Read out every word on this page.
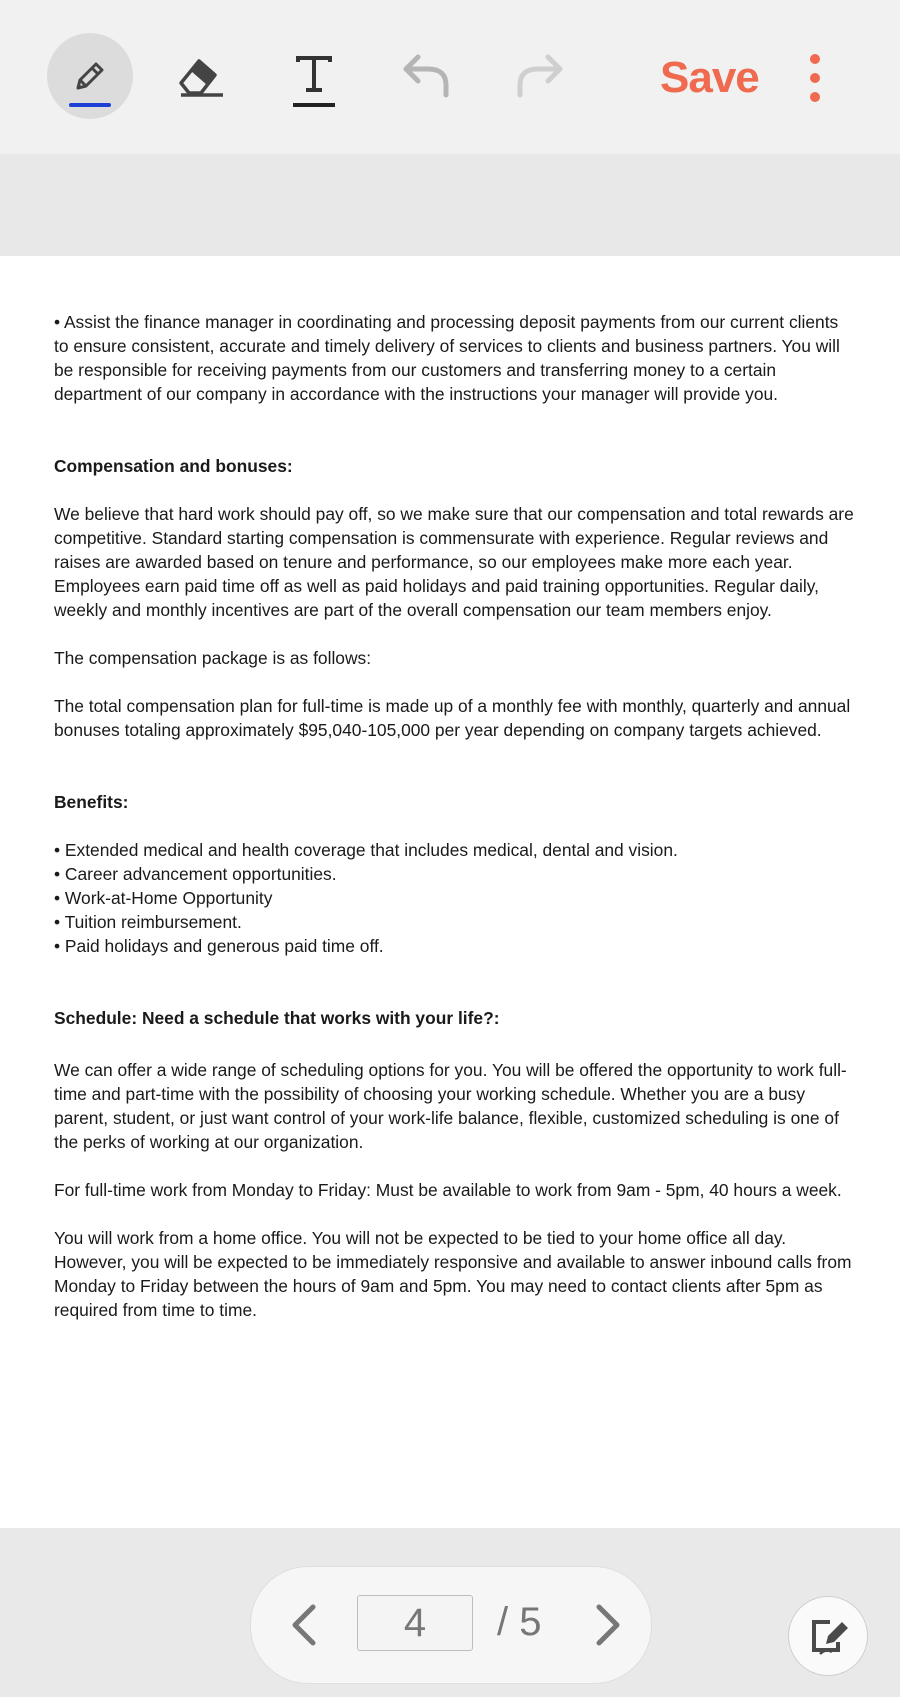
Save

• Assist the finance manager in coordinating and processing deposit payments from our current clients to ensure consistent, accurate and timely delivery of services to clients and business partners. You will be responsible for receiving payments from our customers and transferring money to a certain department of our company in accordance with the instructions your manager will provide you.

Compensation and bonuses:

We believe that hard work should pay off, so we make sure that our compensation and total rewards are competitive. Standard starting compensation is commensurate with experience. Regular reviews and raises are awarded based on tenure and performance, so our employees make more each year.

Employees earn paid time off as well as paid holidays and paid training opportunities. Regular daily, weekly and monthly incentives are part of the overall compensation our team members enjoy.

The compensation package is as follows:

The total compensation plan for full-time is made up of a monthly fee with monthly, quarterly and annual bonuses totaling approximately $95,040-105,000 per year depending on company targets achieved.

Benefits:

• Extended medical and health coverage that includes medical, dental and vision.

• Career advancement opportunities.

• Work-at-Home Opportunity

• Tuition reimbursement.

• Paid holidays and generous paid time off.

Schedule: Need a schedule that works with your life?:

We can offer a wide range of scheduling options for you. You will be offered the opportunity to work full-time and part-time with the possibility of choosing your working schedule. Whether you are a busy parent, student, or just want control of your work-life balance, flexible, customized scheduling is one of the perks of working at our organization.

For full-time work from Monday to Friday: Must be available to work from 9am - 5pm, 40 hours a week.

You will work from a home office. You will not be expected to be tied to your home office all day. However, you will be expected to be immediately responsive and available to answer inbound calls from Monday to Friday between the hours of 9am and 5pm. You may need to contact clients after 5pm as required from time to time.

4
/ 5
